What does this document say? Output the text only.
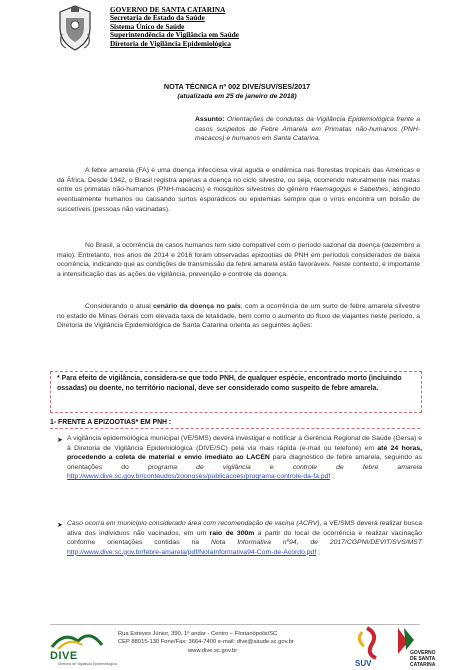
GOVERNO DE SANTA CATARINA
Secretaria de Estado da Saúde
Sistema Único de Saúde
Superintendência de Vigilância em Saúde
Diretoria de Vigilância Epidemiológica
NOTA TÉCNICA nº 002 DIVE/SUV/SES/2017
(atualizada em 25 de janeiro de 2018)
Assunto: Orientações de condutas da Vigilância Epidemiológica frente a casos suspeitos de Febre Amarela em Primatas não-humanos (PNH-macacos) e humanos em Santa Catarina.
A febre amarela (FA) é uma doença infecciosa viral aguda e endêmica nas florestas tropicais das Américas e da África. Desde 1942, o Brasil registra apenas a doença no ciclo silvestre, ou seja, ocorrendo naturalmente nas matas entre os primatas não-humanos (PNH-macacos) e mosquitos silvestres do gênero Haemagogus e Sabethes, atingindo eventualmente humanos ou causando surtos esporádicos ou epidemias sempre que o vírus encontra um bolsão de suscetíveis (pessoas não vacinadas).
No Brasil, a ocorrência de casos humanos tem sido compatível com o período sazonal da doença (dezembro a maio). Entretanto, nos anos de 2014 e 2016 foram observadas epizootias de PNH em períodos considerados de baixa ocorrência, indicando que as condições de transmissão da febre amarela estão favoráveis. Neste contexto, é importante a intensificação das as ações de vigilância, prevenção e controle da doença.
Considerando o atual cenário da doença no país, com a ocorrência de um surto de febre amarela silvestre no estado de Minas Gerais com elevada taxa de letalidade, bem como o aumento do fluxo de viajantes neste período, a Diretoria de Vigilância Epidemiológica de Santa Catarina orienta as seguintes ações:
* Para efeito de vigilância, considera-se que todo PNH, de qualquer espécie, encontrado morto (incluindo ossadas) ou doente, no território nacional, deve ser considerado como suspeito de febre amarela.
1- FRENTE A EPIZOOTIAS* EM PNH :
➤ A vigilância epidemiológica municipal (VE/SMS) deverá investigar e notificar a Gerência Regional de Saúde (Gersa) e à Diretoria de Vigilância Epidemiológica (DIVE/SC) pela via mais rápida (e-mail ou telefone) em até 24 horas, procedendo a coleta de material e envio imediato ao LACEN para diagnóstico de febre amarela, seguindo as orientações do programa de vigilância e controle de febre amarela http://www.dive.sc.gov.br/conteudos/zoonoses/publicacoes/programa-controle-da-fa.pdf ;
➤ Caso ocorra em município considerado área com recomendação de vacina (ACRV), a VE/SMS deverá realizar busca ativa dos indivíduos não vacinados, em um raio de 300m a partir do local de ocorrência e realizar vacinação conforme orientações contidas na Nota Informativa nº94, de 2017/CGPNI/DEVIT/SVS/MST http://www.dive.sc.gov.br/febre-amarela/pdf/NotaInformativa94-Com-de-Acordo.pdf ;
DIVE
Diretoria de Vigilância Epidemiológica
Rua Esteves Júnior, 390, 1º andar - Centro – Florianópolis/SC
CEP 88015-130 Fone/Fax: 3664-7400 e-mail: dive@saude.sc.gov.br
www.dive.sc.gov.br
SUV
GOVERNO
DE SANTA
CATARINA
